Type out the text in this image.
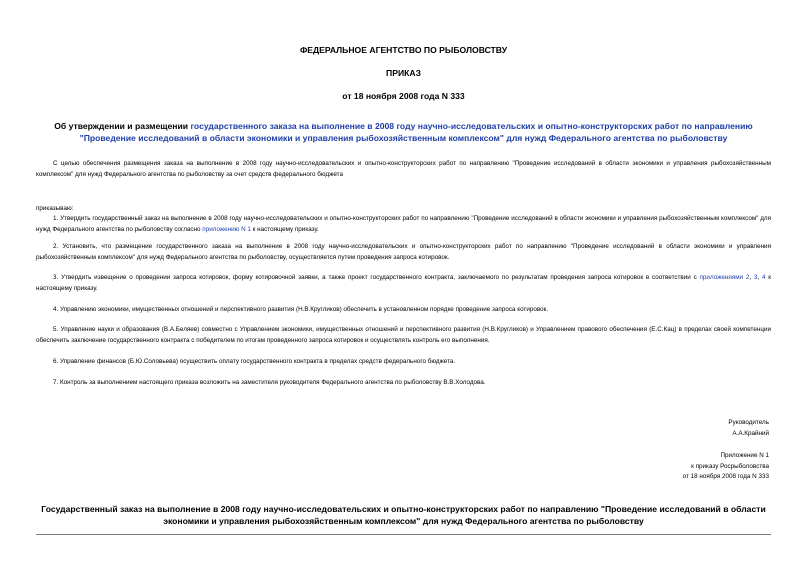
ФЕДЕРАЛЬНОЕ АГЕНТСТВО ПО РЫБОЛОВСТВУ
ПРИКАЗ
от 18 ноября 2008 года N 333
Об утверждении и размещении государственного заказа на выполнение в 2008 году научно-исследовательских и опытно-конструкторских работ по направлению "Проведение исследований в области экономики и управления рыбохозяйственным комплексом" для нужд Федерального агентства по рыболовству
С целью обеспечения размещения заказа на выполнение в 2008 году научно-исследовательских и опытно-конструкторских работ по направлению "Проведение исследований в области экономики и управления рыбохозяйственным комплексом" для нужд Федерального агентства по рыболовству за счет средств федерального бюджета
приказываю:
1. Утвердить государственный заказ на выполнение в 2008 году научно-исследовательских и опытно-конструкторских работ по направлению "Проведение исследований в области экономики и управления рыбохозяйственным комплексом" для нужд Федерального агентства по рыболовству согласно приложению N 1 к настоящему приказу.
2. Установить, что размещение государственного заказа на выполнение в 2008 году научно-исследовательских и опытно-конструкторских работ по направлению "Проведение исследований в области экономики и управления рыбохозяйственным комплексом" для нужд Федерального агентства по рыболовству, осуществляется путем проведения запроса котировок.
3. Утвердить извещение о проведении запроса котировок, форму котировочной заявки, а также проект государственного контракта, заключаемого по результатам проведения запроса котировок в соответствии с приложениями 2, 3, 4 к настоящему приказу.
4. Управлению экономики, имущественных отношений и перспективного развития (Н.В.Кругликов) обеспечить в установленном порядке проведение запроса котировок.
5. Управление науки и образования (В.А.Беляев) совместно с Управлением экономики, имущественных отношений и перспективного развития (Н.В.Кругликов) и Управлением правового обеспечения (Е.С.Кац) в пределах своей компетенции обеспечить заключение государственного контракта с победителем по итогам проведенного запроса котировок и осуществлять контроль его выполнения.
6. Управление финансов (Б.Ю.Соловьева) осуществить оплату государственного контракта в пределах средств федерального бюджета.
7. Контроль за выполнением настоящего приказа возложить на заместителя руководителя Федерального агентства по рыболовству В.В.Холодова.
Руководитель
А.А.Крайний
Приложение N 1
к приказу Росрыболовства
от 18 ноября 2008 года N 333
Государственный заказ на выполнение в 2008 году научно-исследовательских и опытно-конструкторских работ по направлению "Проведение исследований в области экономики и управления рыбохозяйственным комплексом" для нужд Федерального агентства по рыболовству
